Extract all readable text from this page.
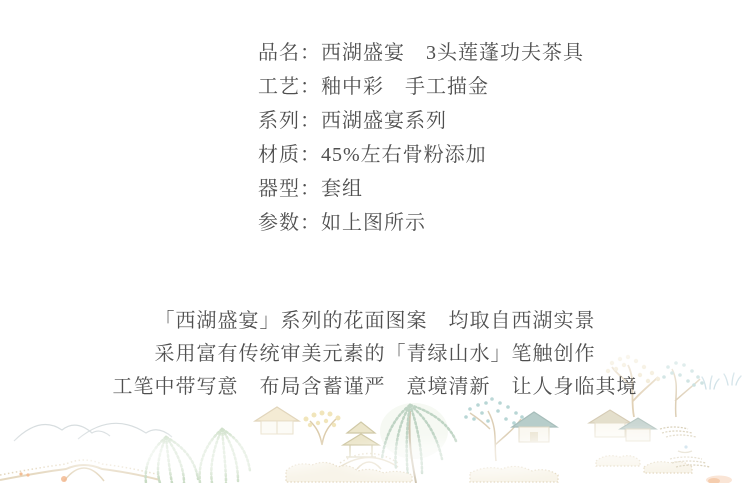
品名：西湖盛宴　3头莲蓬功夫茶具
工艺：釉中彩　手工描金
系列：西湖盛宴系列
材质：45%左右骨粉添加
器型：套组
参数：如上图所示

「西湖盛宴」系列的花面图案　均取自西湖实景

采用富有传统审美元素的「青绿山水」笔触创作

工笔中带写意　布局含蓄谨严　意境清新　让人身临其境
